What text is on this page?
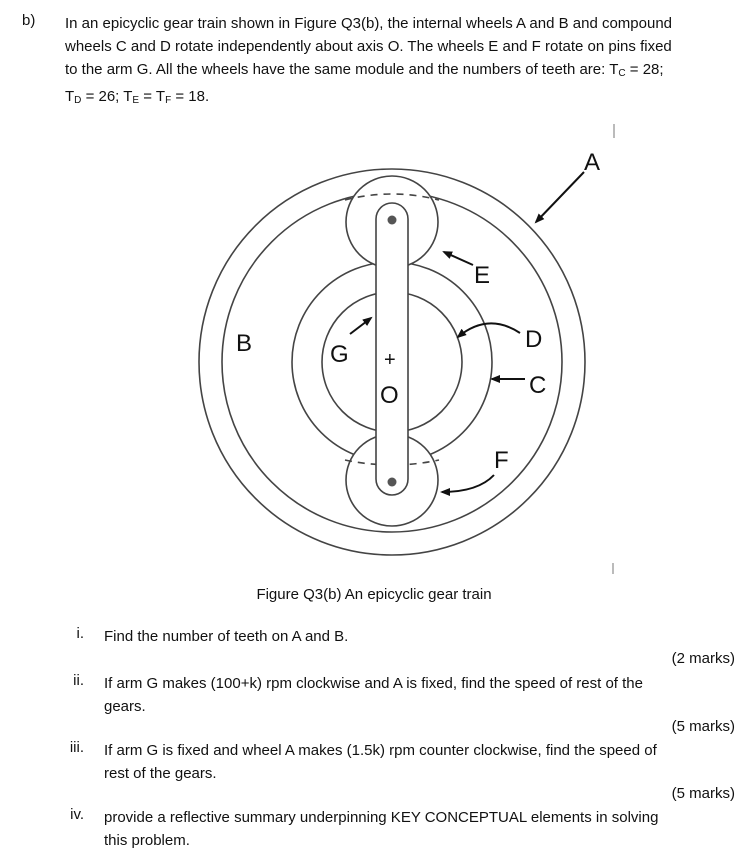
b) In an epicyclic gear train shown in Figure Q3(b), the internal wheels A and B and compound

wheels C and D rotate independently about axis O. The wheels E and F rotate on pins fixed

to the arm G. All the wheels have the same module and the numbers of teeth are: $T_C = 28$;

$T_D = 26$; $T_E = T_F = 18$.

A
B
C
D
E
F
G
O
+
Figure Q3(b) An epicyclic gear train
i. Find the number of teeth on A and B.
(2 marks)
ii. If arm G makes (100+k) rpm clockwise and A is fixed, find the speed of rest of the
gears.
(5 marks)
iii. If arm G is fixed and wheel A makes (1.5k) rpm counter clockwise, find the speed of
rest of the gears.
(5 marks)
iv. provide a reflective summary underpinning KEY CONCEPTUAL elements in solving
this problem.
